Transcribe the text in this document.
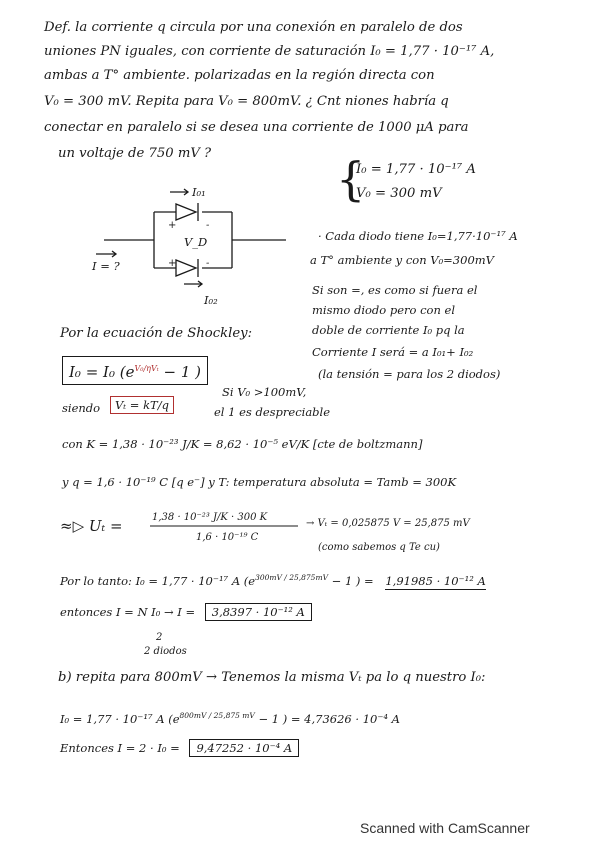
Def. la corriente q circula por una conexión en paralelo de dos
uniones PN iguales, con corriente de saturación I₀ = 1,77 · 10⁻¹⁷ A,
ambas a T° ambiente. polarizadas en la región directa con
V₀ = 300 mV. Repita para V₀ = 800mV. ¿ Cnt niones habría q
conectar en paralelo si se desea una corriente de 1000 μA para
un voltaje de 750 mV ?	{
I₀ = 1,77 · 10⁻¹⁷ A
V₀ = 300 mV
I₀₁
+	-
V_D
+	-
I = ?
I₀₂
· Cada diodo tiene I₀=1,77·10⁻¹⁷ A
a T° ambiente y con V₀=300mV
Si son =, es como si fuera el
mismo diodo pero con el
doble de corriente I₀ pq la
Corriente I será = a I₀₁+ I₀₂
(la tensión = para los 2 diodos)
Por la ecuación de Shockley:
I₀ = I₀ ($e^{V_0/\eta V_t} - 1$ )
Si V₀ >100mV,
el 1 es despreciable
siendo	Vₜ = kT/q
con K = 1,38 · 10⁻²³ J/K = 8,62 · 10⁻⁵ eV/K [cte de boltzmann]
y q = 1,6 · 10⁻¹⁹ C [q e⁻] y T: temperatura absoluta = Tamb = 300K
≈▷ Uₜ =	1,38 · 10⁻²³ J/K · 300 K
1,6 · 10⁻¹⁹ C
→ Vₜ = 0,025875 V = 25,875 mV
(como sabemos q Te cu)
Por lo tanto: I₀ = 1,77 · 10⁻¹⁷ A ($e^{300mV / 25,875mV} - 1$ ) = 1,91985 · 10⁻¹² A
entonces I = N I₀ → I = 3,8397 · 10⁻¹² A
2
2 diodos
b) repita para 800mV → Tenemos la misma Vₜ pa lo q nuestro I₀:
I₀ = 1,77 · 10⁻¹⁷ A ($e^{800mV / 25,875 mV} - 1$ ) = 4,73626 · 10⁻⁴ A
Entonces I = 2 · I₀ = 9,47252 · 10⁻⁴ A
Scanned with CamScanner
